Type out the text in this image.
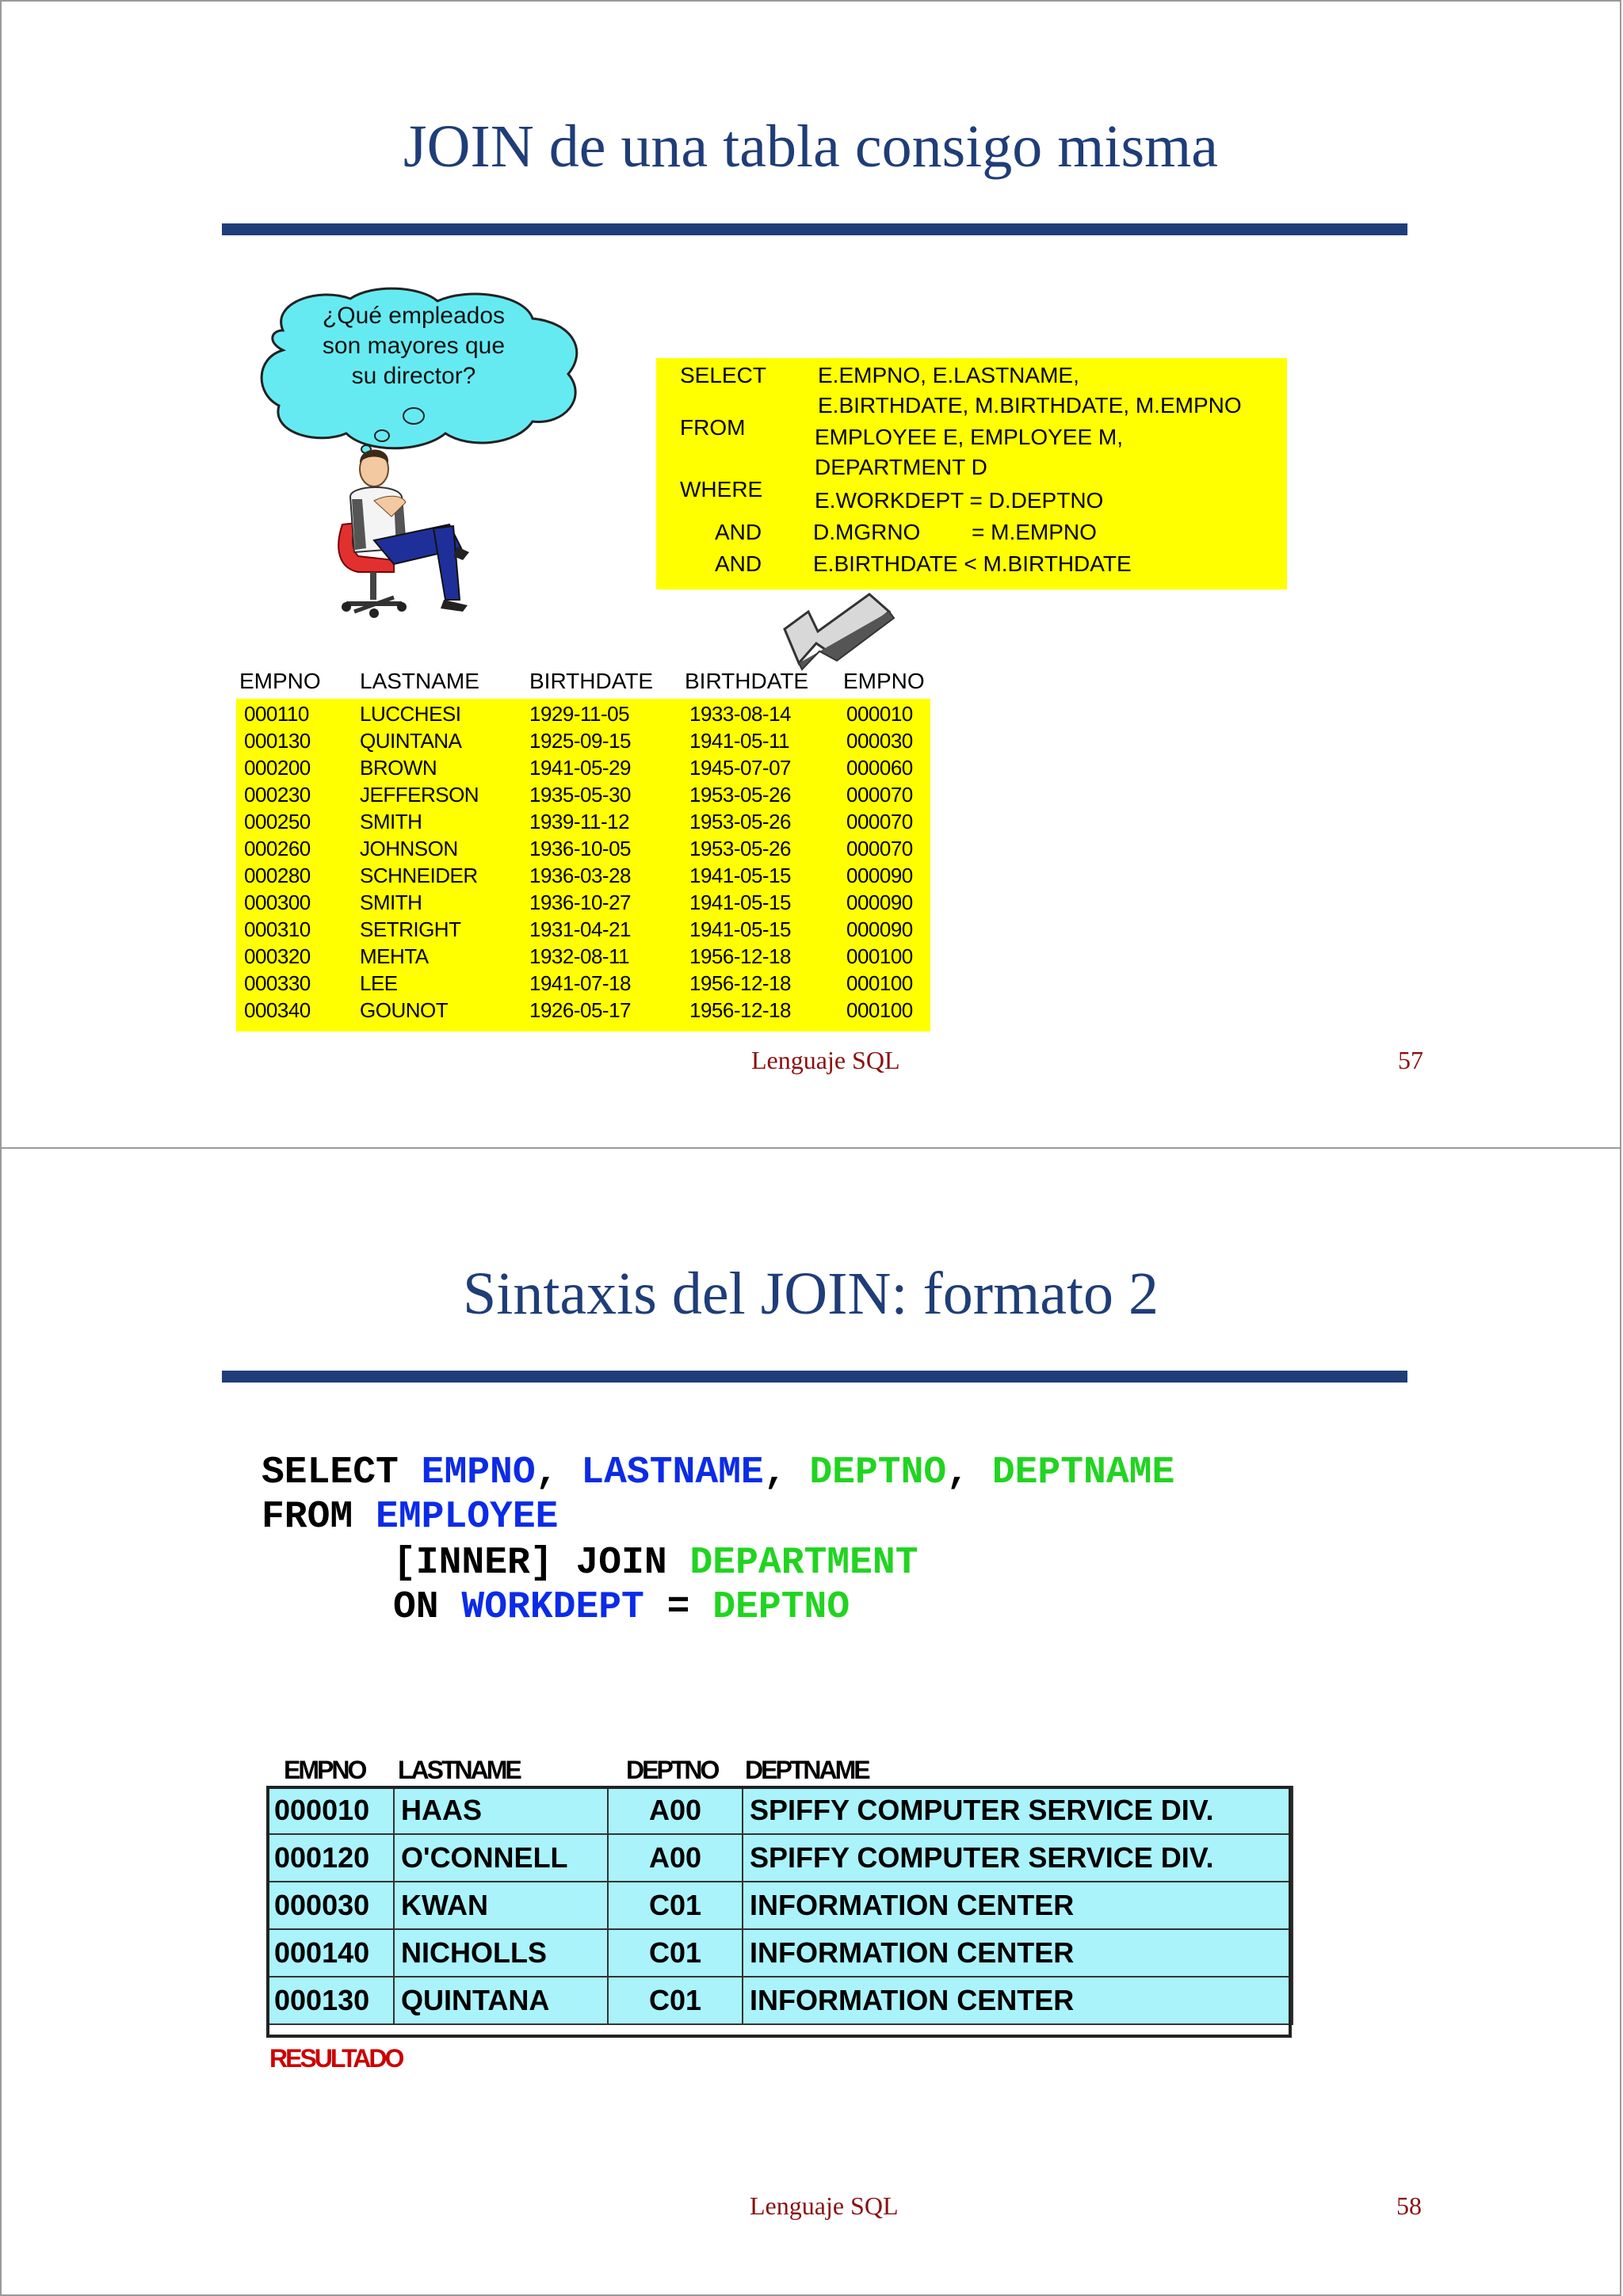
JOIN de una tabla consigo misma
¿Qué empleados
son mayores que
su director?	SELECT E.EMPNO, E.LASTNAME,
E.BIRTHDATE, M.BIRTHDATE, M.EMPNO
FROM	EMPLOYEE E, EMPLOYEE M,
DEPARTMENT D
WHERE E.WORKDEPT = D.DEPTNO
AND D.MGRNO = M.EMPNO
AND E.BIRTHDATE < M.BIRTHDATE
EMPNO LASTNAME BIRTHDATE BIRTHDATE EMPNO
000110 LUCCHESI	1929-11-05	1933-08-14	000010
000130 QUINTANA	1925-09-15	1941-05-11	000030
000200 BROWN	1941-05-29	1945-07-07	000060
000230 JEFFERSON 1935-05-30	1953-05-26	000070
000250 SMITH	1939-11-12	1953-05-26	000070
000260 JOHNSON	1936-10-05	1953-05-26	000070
000280 SCHNEIDER	1936-03-28	1941-05-15	000090
000300 SMITH	1936-10-27	1941-05-15	000090
000310 SETRIGHT	1931-04-21	1941-05-15	000090
000320 MEHTA	1932-08-11	1956-12-18	000100
000330 LEE	1941-07-18	1956-12-18	000100
000340 GOUNOT	1926-05-17	1956-12-18	000100
Lenguaje SQL	57
Sintaxis del JOIN: formato 2
SELECT EMPNO, LASTNAME, DEPTNO, DEPTNAME
FROM EMPLOYEE
[INNER] JOIN DEPARTMENT
ON WORKDEPT = DEPTNO
EMPNO LASTNAME	DEPTNO DEPTNAME
000010	HAAS	A00	SPIFFY COMPUTER SERVICE DIV.
000120	O'CONNELL	A00	SPIFFY COMPUTER SERVICE DIV.
000030	KWAN	C01	INFORMATION CENTER
000140	NICHOLLS	C01	INFORMATION CENTER
000130	QUINTANA	C01	INFORMATION CENTER
RESULTADO
Lenguaje SQL	58
